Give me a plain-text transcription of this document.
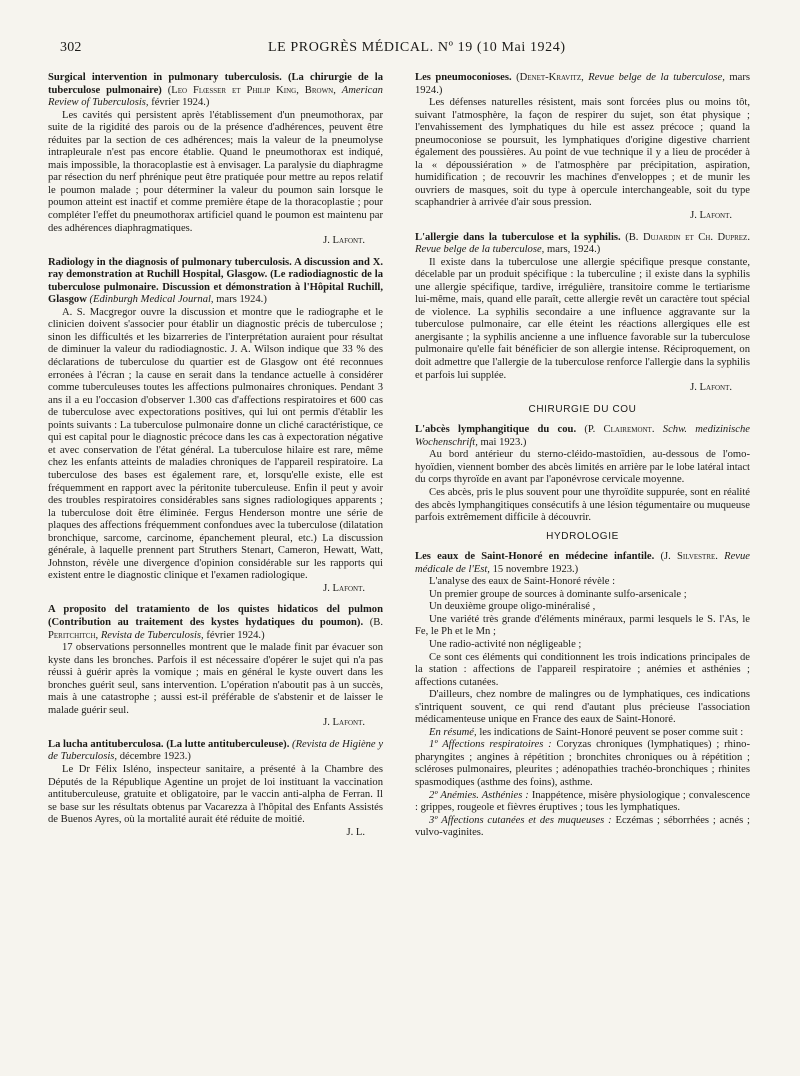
302	LE PROGRÈS MÉDICAL. Nº 19 (10 Mai 1924)

Surgical intervention in pulmonary tuberculosis. (La chirurgie de la tuberculose pulmonaire) (Leo Flœsser et Philip King, Brown, American Review of Tuberculosis, février 1924.)

Les cavités qui persistent après l'établissement d'un pneumothorax, par suite de la rigidité des parois ou de la présence d'adhérences, peuvent être réduites par la section de ces adhérences; mais la valeur de la pneumolyse intrapleurale n'est pas encore établie. Quand le pneumothorax est indiqué, mais impossible, la thoracoplastie est à envisager. La paralysie du diaphragme par résection du nerf phrénique peut être pratiquée pour mettre au repos relatif le poumon malade ; pour déterminer la valeur du poumon sain lorsque le poumon atteint est inactif et comme première étape de la thoracoplastie ; pour compléter l'effet du pneumothorax artificiel quand le poumon est maintenu par des adhérences diaphragmatiques.

J. Lafont.

Radiology in the diagnosis of pulmonary tuberculosis. A discussion and X. ray demonstration at Ruchill Hospital, Glasgow. (Le radiodiagnostic de la tuberculose pulmonaire. Discussion et démonstration à l'Hôpital Ruchill, Glasgow (Edinburgh Medical Journal, mars 1924.)

A. S. Macgregor ouvre la discussion et montre que le radiographe et le clinicien doivent s'associer pour établir un diagnostic précis de tuberculose ; sinon les difficultés et les bizarreries de l'interprétation auraient pour résultat de diminuer la valeur du radiodiagnostic. J. A. Wilson indique que 33 % des déclarations de tuberculose du quartier est de Glasgow ont été reconnues erronées à l'écran ; la cause en serait dans la tendance actuelle à considérer comme tuberculeuses toutes les affections pulmonaires chroniques. Pendant 3 ans il a eu l'occasion d'observer 1.300 cas d'affections respiratoires et 600 cas de tuberculose avec expectorations positives, qui lui ont permis d'établir les points suivants : La tuberculose pulmonaire donne un cliché caractéristique, ce qui est capital pour le diagnostic précoce dans les cas à expectoration négative et avec conservation de l'état général. La tuberculose hilaire est rare, même chez les enfants atteints de maladies chroniques de l'appareil respiratoire. La tuberculose des bases est également rare, et, lorsqu'elle existe, elle est fréquemment en rapport avec la péritonite tuberculeuse. Enfin il peut y avoir des troubles respiratoires considérables sans signes radiologiques apparents ; la tuberculose doit être éliminée. Fergus Henderson montre une série de plaques des affections fréquemment confondues avec la tuberculose (dilatation bronchique, sarcome, carcinome, épanchement pleural, etc.) La discussion générale, à laquelle prennent part Struthers Stenart, Cameron, Hewatt, Watt, Johnston, révèle une divergence d'opinion considérable sur les rapports qui existent entre le diagnostic clinique et l'examen radiologique.

J. Lafont.

A proposito del tratamiento de los quistes hidaticos del pulmon (Contribution au traitement des kystes hydatiques du poumon). (B. Peritchitch, Revista de Tuberculosis, février 1924.)

17 observations personnelles montrent que le malade finit par évacuer son kyste dans les bronches. Parfois il est nécessaire d'opérer le sujet qui n'a pas réussi à guérir après la vomique ; mais en général le kyste ouvert dans les bronches guérit seul, sans intervention. L'opération n'aboutit pas à un succès, mais à une catastrophe ; aussi est-il préférable de s'abstenir et de laisser le malade guérir seul.

J. Lafont.

La lucha antituberculosa. (La lutte antituberculeuse). (Revista de Higiène y de Tuberculosis, décembre 1923.)

Le Dr Félix Isléno, inspecteur sanitaire, a présenté à la Chambre des Députés de la République Agentine un projet de loi instituant la vaccination antituberculeuse, gratuite et obligatoire, par le vaccin anti-alpha de Ferran. Il se base sur les résultats obtenus par Vacarezza à l'hôpital des Enfants Assistés de Buenos Ayres, où la mortalité aurait été réduite de moitié.

J. L.

Les pneumoconioses. (Denet-Kravitz, Revue belge de la tuberculose, mars 1924.)

Les défenses naturelles résistent, mais sont forcées plus ou moins tôt, suivant l'atmosphère, la façon de respirer du sujet, son état physique ; l'envahissement des lymphatiques du hile est assez précoce ; quand la pneumoconiose se poursuit, les lymphatiques d'origine digestive charrient également des poussières. Au point de vue technique il y a lieu de procéder à la « dépoussiération » de l'atmosphère par précipitation, aspiration, humidification ; de recouvrir les machines d'enveloppes ; et de munir les ouvriers de masques, soit du type à opercule interchangeable, soit du type scaphandrier à arrivée d'air sous pression.

J. Lafont.

L'allergie dans la tuberculose et la syphilis. (B. Dujardin et Ch. Duprez. Revue belge de la tuberculose, mars, 1924.)

Il existe dans la tuberculose une allergie spécifique presque constante, décelable par un produit spécifique : la tuberculine ; il existe dans la syphilis une allergie spécifique, tardive, irrégulière, transitoire comme le tertiarisme lui-même, mais, quand elle paraît, cette allergie revêt un caractère tout spécial de violence. La syphilis secondaire a une influence aggravante sur la tuberculose pulmonaire, car elle éteint les réactions allergiques elle est anergisante ; la syphilis ancienne a une influence favorable sur la tuberculose pulmonaire qu'elle fait bénéficier de son allergie intense. Réciproquement, on doit admettre que l'allergie de la tuberculose renforce l'allergie dans la syphilis et parfois lui supplée.

J. Lafont.

CHIRURGIE DU COU

L'abcès lymphangitique du cou. (P. Clairemont. Schw. medizinische Wochenschrift, mai 1923.)

Au bord antérieur du sterno-cléido-mastoïdien, au-dessous de l'omo-hyoïdien, viennent bomber des abcès limités en arrière par le lobe latéral intact du corps thyroïde en avant par l'aponévrose cervicale moyenne.

Ces abcès, pris le plus souvent pour une thyroïdite suppurée, sont en réalité des abcès lymphangitiques consécutifs à une lésion tégumentaire ou muqueuse parfois extrêmement difficile à découvrir.

HYDROLOGIE

Les eaux de Saint-Honoré en médecine infantile. (J. Silvestre. Revue médicale de l'Est, 15 novembre 1923.)

L'analyse des eaux de Saint-Honoré révèle :

Un premier groupe de sources à dominante sulfo-arsenicale ;

Un deuxième groupe oligo-minéralisé ,

Une variété très grande d'éléments minéraux, parmi lesquels le S. l'As, le Fe, le Ph et le Mn ;

Une radio-activité non négligeable ;

Ce sont ces éléments qui conditionnent les trois indications principales de la station : affections de l'appareil respiratoire ; anémies et asthénies ; affections cutanées.

D'ailleurs, chez nombre de malingres ou de lymphatiques, ces indications s'intriquent souvent, ce qui rend d'autant plus précieuse l'association médicamenteuse unique en France des eaux de Saint-Honoré.

En résumé, les indications de Saint-Honoré peuvent se poser comme suit :

1º Affections respiratoires : Coryzas chroniques (lymphatiques) ; rhino-pharyngites ; angines à répétition ; bronchites chroniques ou à répétition ; scléroses pulmonaires, pleurites ; adénopathies trachéo-bronchiques ; rhinites spasmodiques (asthme des foins), asthme.

2º Anémies. Asthénies : Inappétence, misère physiologique ; convalescence : grippes, rougeole et fièvres éruptives ; tous les lymphatiques.

3º Affections cutanées et des muqueuses : Eczémas ; séborrhées ; acnés ; vulvo-vaginites.
